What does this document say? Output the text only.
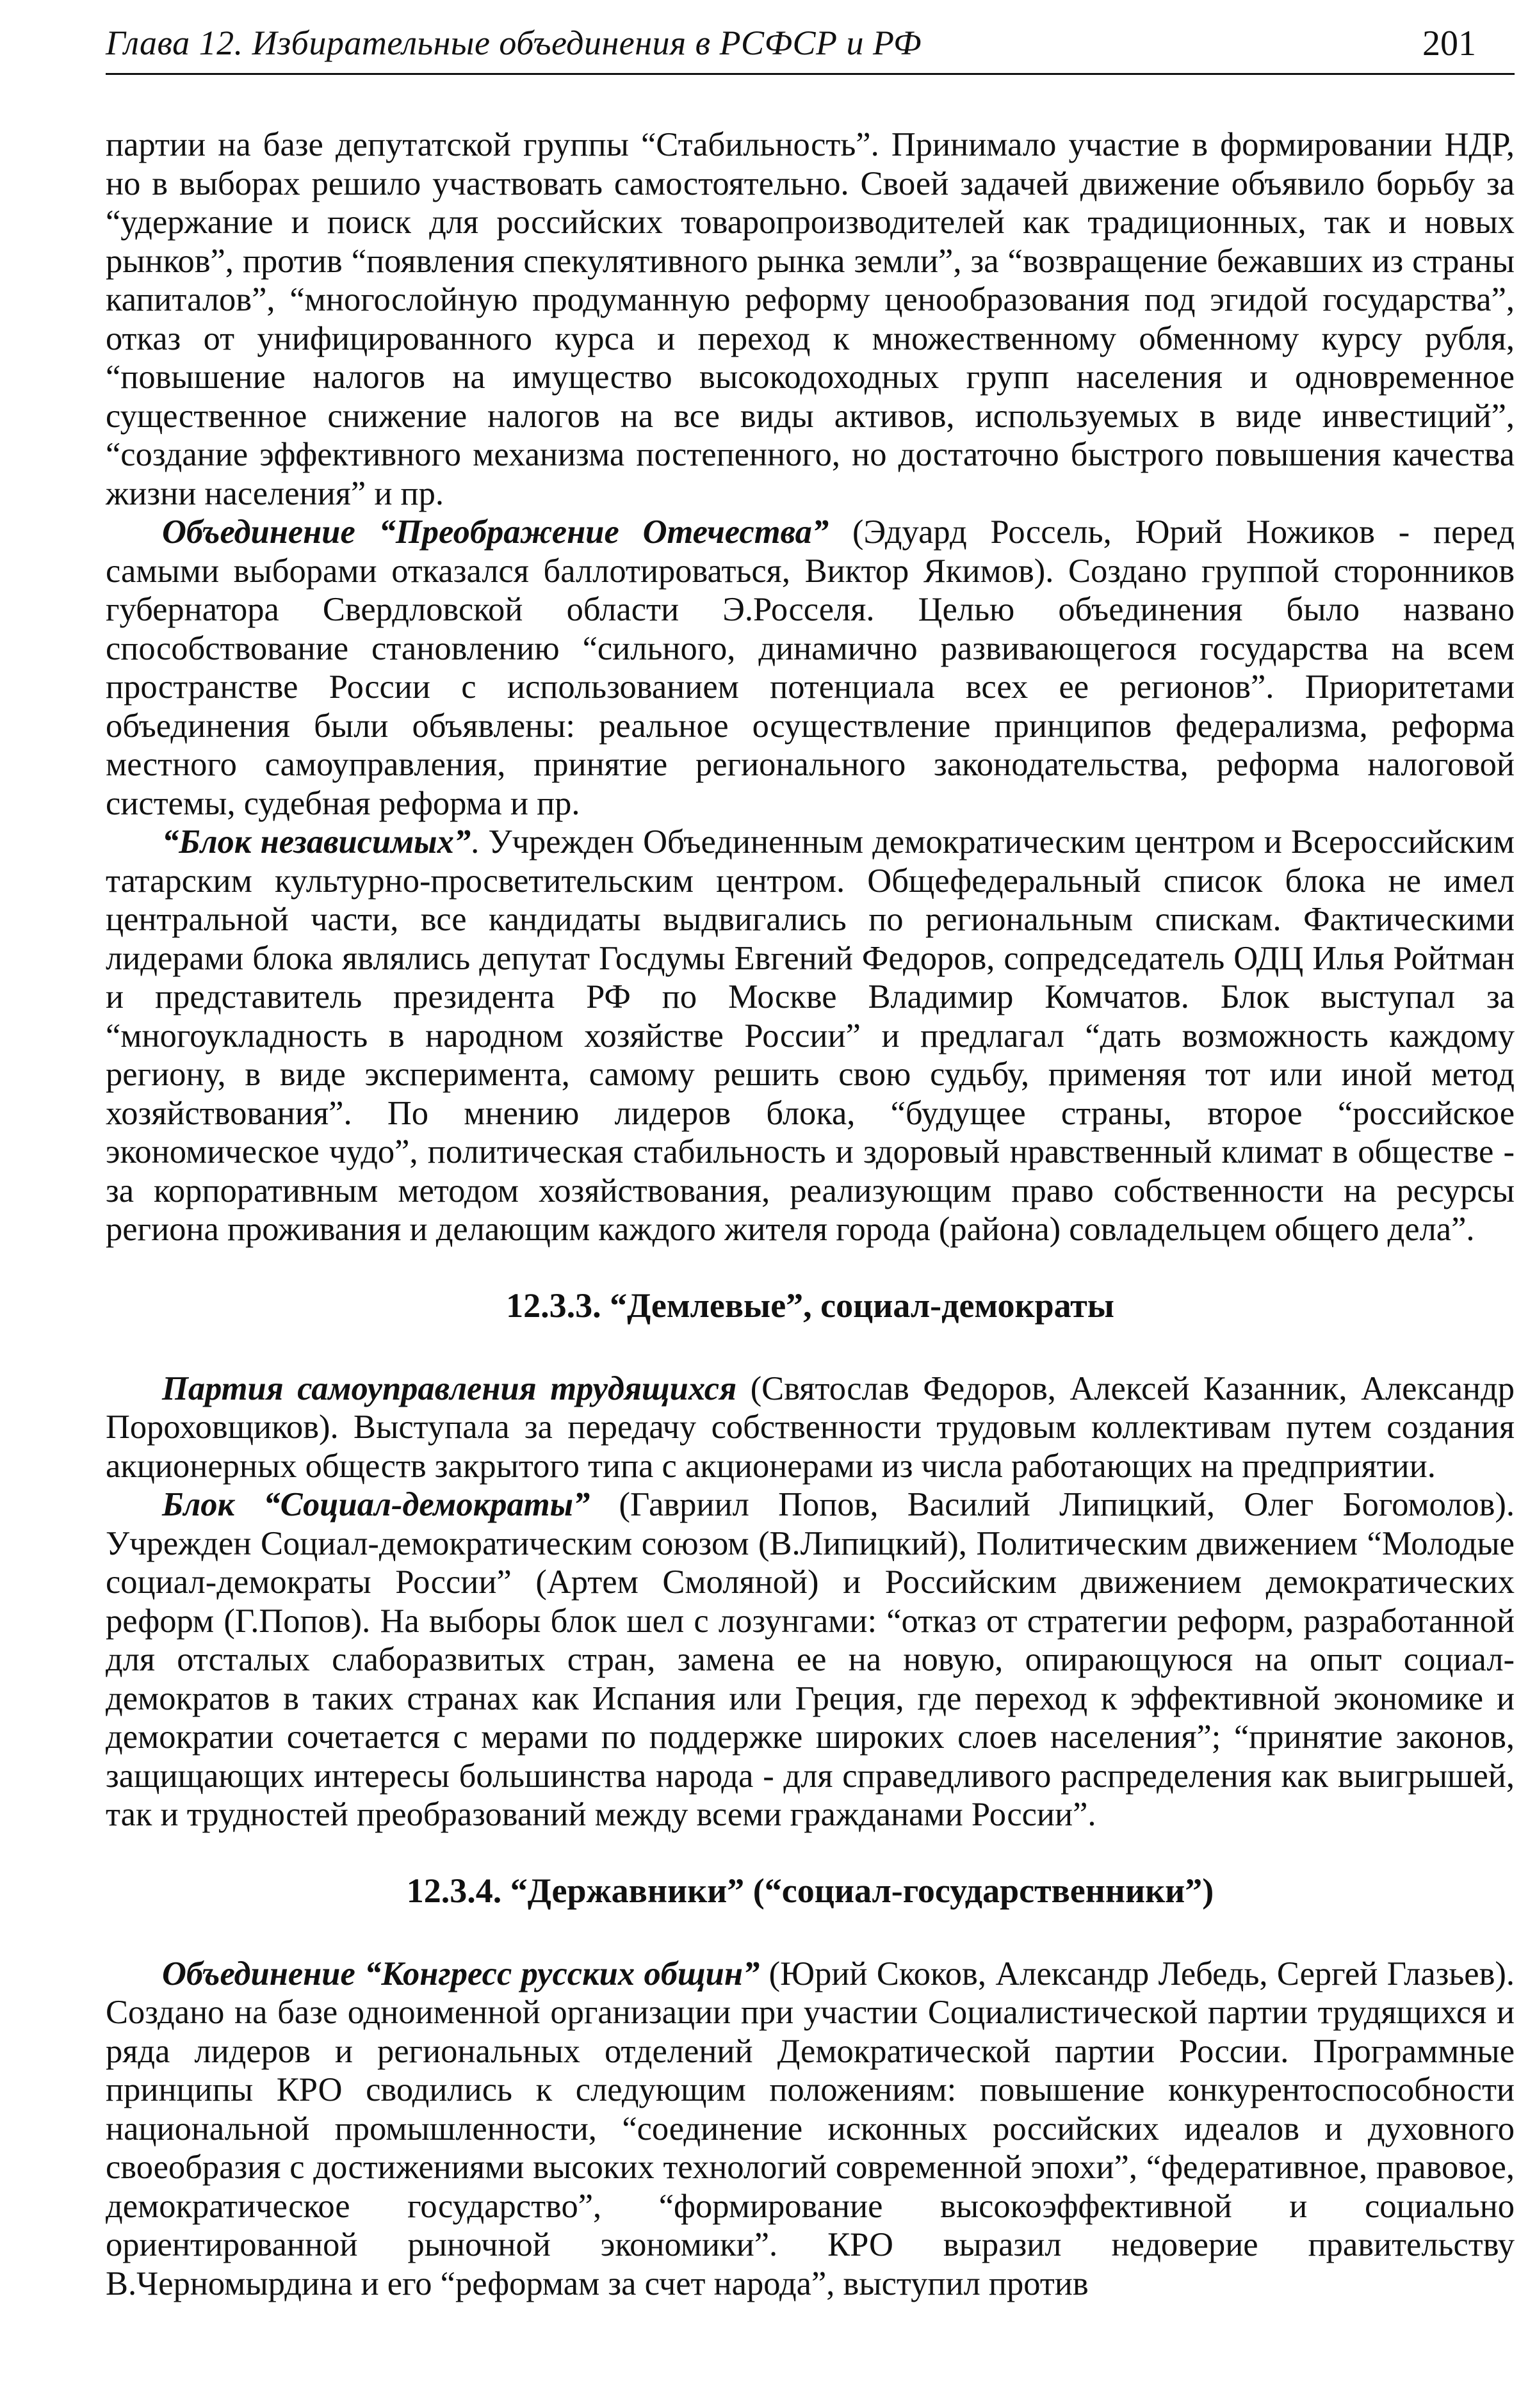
Глава 12. Избирательные объединения в РСФСР и РФ	201

партии на базе депутатской группы “Стабильность”. Принимало участие в формировании НДР, но в выборах решило участвовать самостоятельно. Своей задачей движение объявило борьбу за “удержание и поиск для российских товаропроизводителей как традиционных, так и новых рынков”, против “появления спекулятивного рынка земли”, за “возвращение бежавших из страны капиталов”, “многослойную продуманную реформу ценообразования под эгидой государства”, отказ от унифицированного курса и переход к множественному обменному курсу рубля, “повышение налогов на имущество высокодоходных групп населения и одновременное существенное снижение налогов на все виды активов, используемых в виде инвестиций”, “создание эффективного механизма постепенного, но достаточно быстрого повышения качества жизни населения” и пр.

Объединение “Преображение Отечества” (Эдуард Россель, Юрий Ножиков - перед самыми выборами отказался баллотироваться, Виктор Якимов). Создано группой сторонников губернатора Свердловской области Э.Росселя. Целью объединения было названо способствование становлению “сильного, динамично развивающегося государства на всем пространстве России с использованием потенциала всех ее регионов”. Приоритетами объединения были объявлены: реальное осуществление принципов федерализма, реформа местного самоуправления, принятие регионального законодательства, реформа налоговой системы, судебная реформа и пр.

“Блок независимых”. Учрежден Объединенным демократическим центром и Всероссийским татарским культурно-просветительским центром. Общефедеральный список блока не имел центральной части, все кандидаты выдвигались по региональным спискам. Фактическими лидерами блока являлись депутат Госдумы Евгений Федоров, сопредседатель ОДЦ Илья Ройтман и представитель президента РФ по Москве Владимир Комчатов. Блок выступал за “многоукладность в народном хозяйстве России” и предлагал “дать возможность каждому региону, в виде эксперимента, самому решить свою судьбу, применяя тот или иной метод хозяйствования”. По мнению лидеров блока, “будущее страны, второе “российское экономическое чудо”, политическая стабильность и здоровый нравственный климат в обществе - за корпоративным методом хозяйствования, реализующим право собственности на ресурсы региона проживания и делающим каждого жителя города (района) совладельцем общего дела”.

12.3.3. “Демлевые”, социал-демократы

Партия самоуправления трудящихся (Святослав Федоров, Алексей Казанник, Александр Пороховщиков). Выступала за передачу собственности трудовым коллективам путем создания акционерных обществ закрытого типа с акционерами из числа работающих на предприятии.

Блок “Социал-демократы” (Гавриил Попов, Василий Липицкий, Олег Богомолов). Учрежден Социал-демократическим союзом (В.Липицкий), Политическим движением “Молодые социал-демократы России” (Артем Смоляной) и Российским движением демократических реформ (Г.Попов). На выборы блок шел с лозунгами: “отказ от стратегии реформ, разработанной для отсталых слаборазвитых стран, замена ее на новую, опирающуюся на опыт социал-демократов в таких странах как Испания или Греция, где переход к эффективной экономике и демократии сочетается с мерами по поддержке широких слоев населения”; “принятие законов, защищающих интересы большинства народа - для справедливого распределения как выигрышей, так и трудностей преобразований между всеми гражданами России”.

12.3.4. “Державники” (“социал-государственники”)

Объединение “Конгресс русских общин” (Юрий Скоков, Александр Лебедь, Сергей Глазьев). Создано на базе одноименной организации при участии Социалистической партии трудящихся и ряда лидеров и региональных отделений Демократической партии России. Программные принципы КРО сводились к следующим положениям: повышение конкурентоспособности национальной промышленности, “соединение исконных российских идеалов и духовного своеобразия с достижениями высоких технологий современной эпохи”, “федеративное, правовое, демократическое государство”, “формирование высокоэффективной и социально ориентированной рыночной экономики”. КРО выразил недоверие правительству В.Черномырдина и его “реформам за счет народа”, выступил против
